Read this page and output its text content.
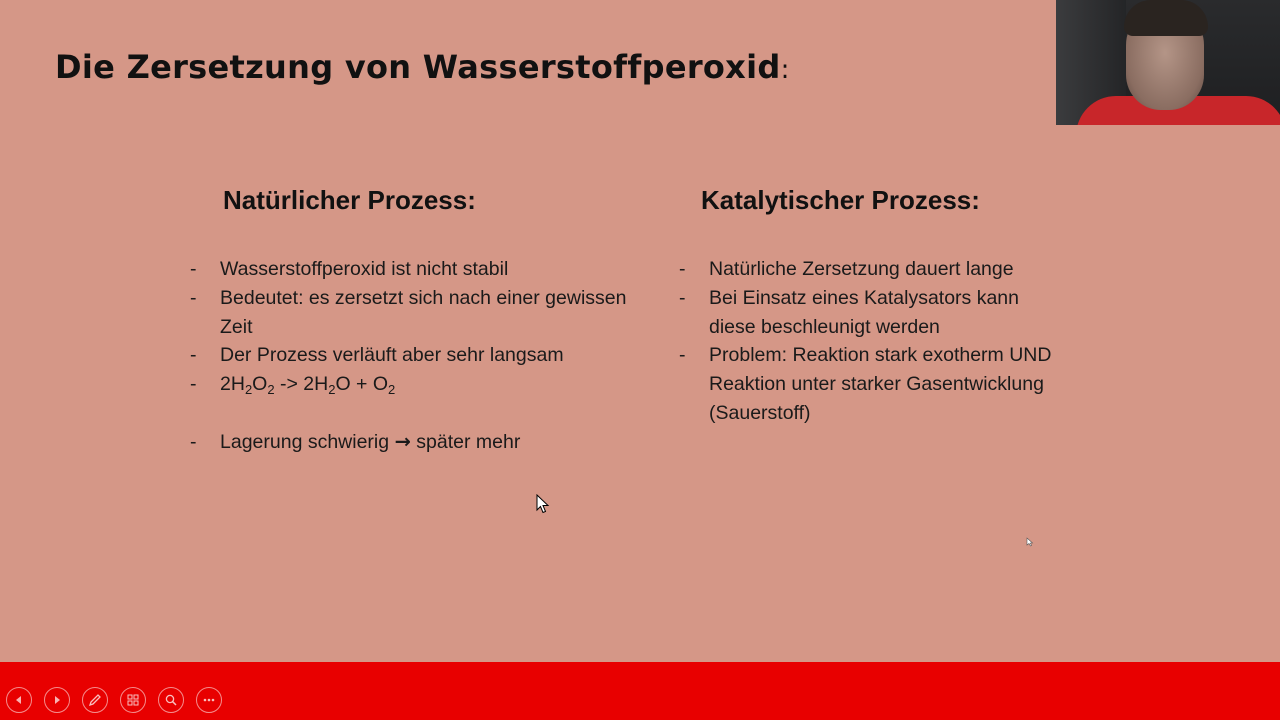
Die Zersetzung von Wasserstoffperoxid:
Natürlicher Prozess:	Katalytischer Prozess:
- Wasserstoffperoxid ist nicht stabil
- Bedeutet: es zersetzt sich nach einer gewissen Zeit
- Der Prozess verläuft aber sehr langsam
- $2H_2O_2 -> 2H_2O + O_2$
- Lagerung schwierig → später mehr
- Natürliche Zersetzung dauert lange
- Bei Einsatz eines Katalysators kann diese beschleunigt werden
- Problem: Reaktion stark exotherm UND Reaktion unter starker Gasentwicklung (Sauerstoff)
